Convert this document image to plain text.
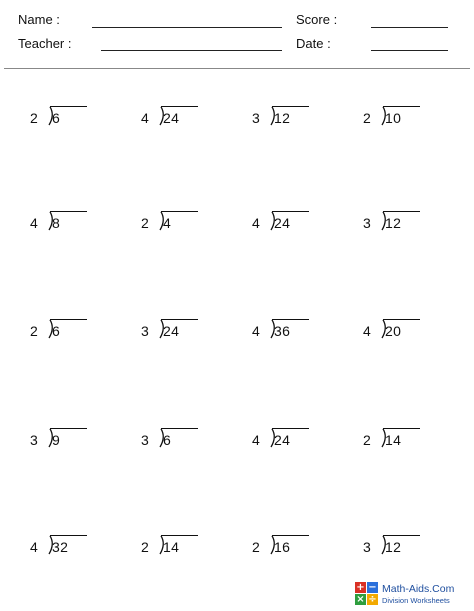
Name :
Teacher :
Score :
Date :
2 6	4 24	3 12	2 10
4 8	2 4	4 24	3 12
2 6	3 24	4 36	4 20
3 9	3 6	4 24	2 14
4 32	2 14	2 16	3 12
+ −
× ÷
Math-Aids.Com
Division Worksheets
